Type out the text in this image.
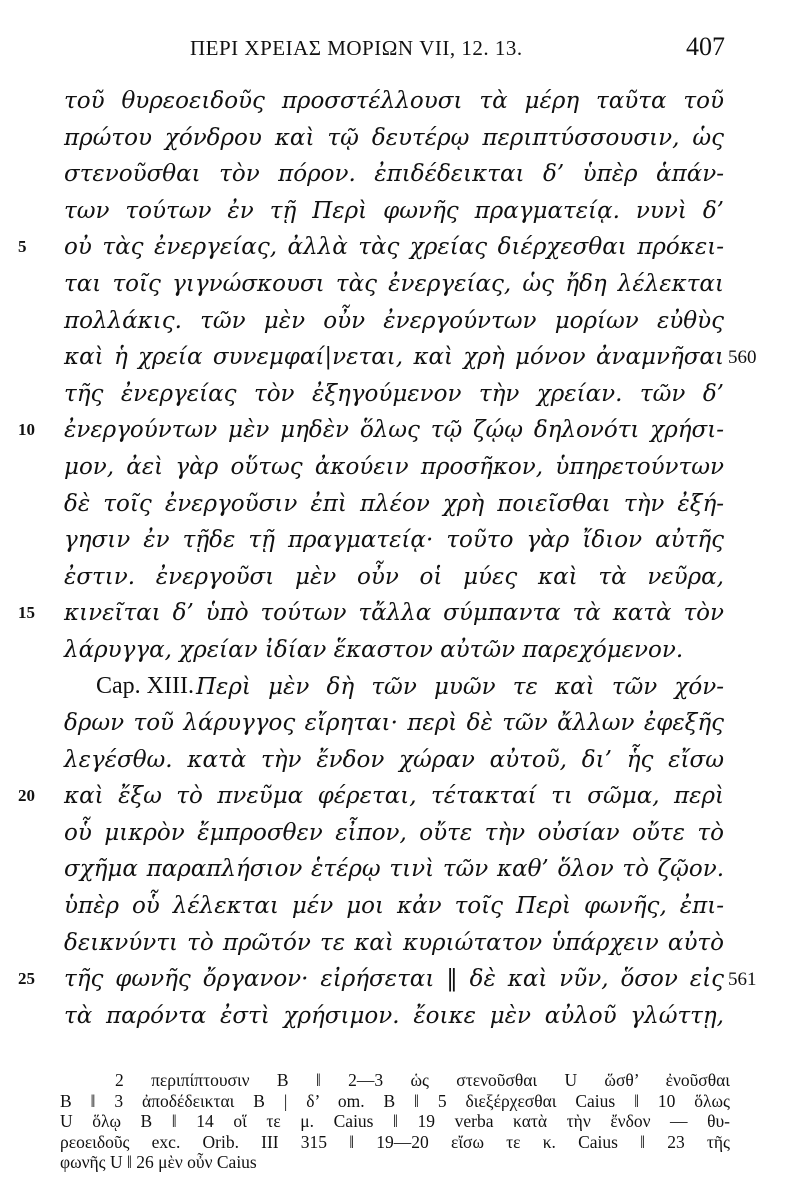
ΠΕΡΙ ΧΡΕΙΑΣ ΜΟΡΙΩΝ VII, 12. 13.	407
τοῦ θυρεοειδοῦς προσστέλλουσι τὰ μέρη ταῦτα τοῦ
πρώτου χόνδρου καὶ τῷ δευτέρῳ περιπτύσσουσιν, ὡς
στενοῦσθαι τὸν πόρον. ἐπιδέδεικται δ’ ὑπὲρ ἁπάν-
των τούτων ἐν τῇ Περὶ φωνῆς πραγματείᾳ. νυνὶ δ’
5 οὐ τὰς ἐνεργείας, ἀλλὰ τὰς χρείας διέρχεσθαι πρόκει-
ται τοῖς γιγνώσκουσι τὰς ἐνεργείας, ὡς ἤδη λέλεκται
πολλάκις. τῶν μὲν οὖν ἐνεργούντων μορίων εὐθὺς
καὶ ἡ χρεία συνεμφαί|νεται, καὶ χρὴ μόνον ἀναμνῆσαι 560
τῆς ἐνεργείας τὸν ἐξηγούμενον τὴν χρείαν. τῶν δ’
10 ἐνεργούντων μὲν μηδὲν ὅλως τῷ ζῴῳ δηλονότι χρήσι-
μον, ἀεὶ γὰρ οὕτως ἀκούειν προσῆκον, ὑπηρετούντων
δὲ τοῖς ἐνεργοῦσιν ἐπὶ πλέον χρὴ ποιεῖσθαι τὴν ἐξή-
γησιν ἐν τῇδε τῇ πραγματείᾳ· τοῦτο γὰρ ἴδιον αὐτῆς
ἐστιν. ἐνεργοῦσι μὲν οὖν οἱ μύες καὶ τὰ νεῦρα,
15 κινεῖται δ’ ὑπὸ τούτων τἄλλα σύμπαντα τὰ κατὰ τὸν
λάρυγγα, χρείαν ἰδίαν ἕκαστον αὐτῶν παρεχόμενον.
Cap. XIII. Περὶ μὲν δὴ τῶν μυῶν τε καὶ τῶν χόν-
δρων τοῦ λάρυγγος εἴρηται· περὶ δὲ τῶν ἄλλων ἐφεξῆς
λεγέσθω. κατὰ τὴν ἔνδον χώραν αὐτοῦ, δι’ ἧς εἴσω
20 καὶ ἔξω τὸ πνεῦμα φέρεται, τέτακταί τι σῶμα, περὶ
οὗ μικρὸν ἔμπροσθεν εἶπον, οὔτε τὴν οὐσίαν οὔτε τὸ
σχῆμα παραπλήσιον ἑτέρῳ τινὶ τῶν καθ’ ὅλον τὸ ζῷον.
ὑπὲρ οὗ λέλεκται μέν μοι κἀν τοῖς Περὶ φωνῆς, ἐπι-
δεικνύντι τὸ πρῶτόν τε καὶ κυριώτατον ὑπάρχειν αὐτὸ
25 τῆς φωνῆς ὄργανον· εἰρήσεται ‖ δὲ καὶ νῦν, ὅσον εἰς 561
τὰ παρόντα ἐστὶ χρήσιμον. ἔοικε μὲν αὐλοῦ γλώττῃ,
2 περιπίπτουσιν B ‖ 2—3 ὡς στενοῦσθαι U ὥσθ’ ἐνοῦσθαι
B ‖ 3 ἀποδέδεικται B | δ’ om. B ‖ 5 διεξέρχεσθαι Caius ‖ 10 ὅλως
U ὅλῳ B ‖ 14 οἵ τε μ. Caius ‖ 19 verba κατὰ τὴν ἔνδον — θυ-
ρεοειδοῦς exc. Orib. III 315 ‖ 19—20 εἴσω τε κ. Caius ‖ 23 τῆς
φωνῆς U ‖ 26 μὲν οὖν Caius
